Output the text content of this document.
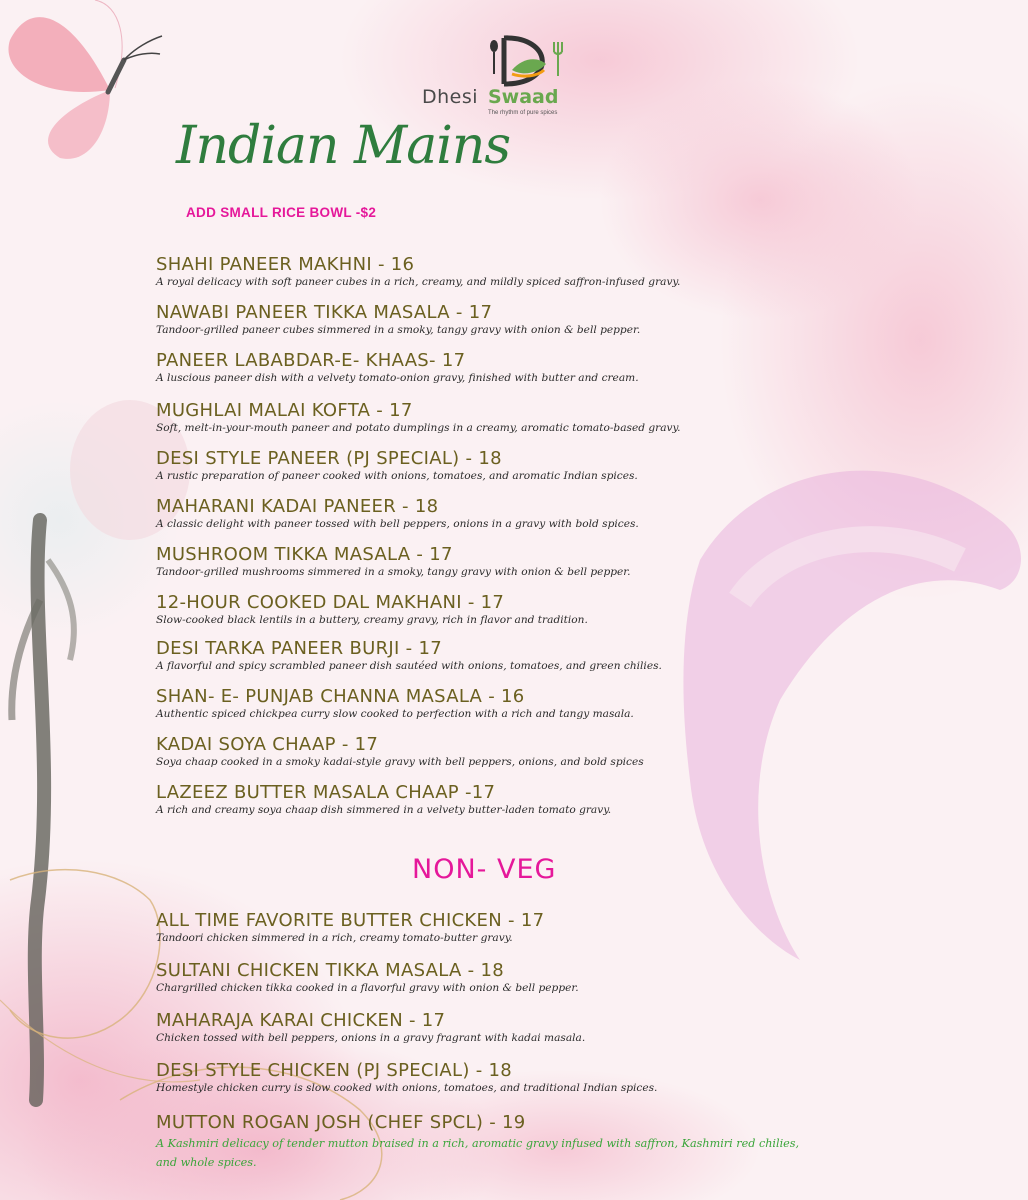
Dhesi Swaad
The rhythm of pure spices
Indian Mains
ADD SMALL RICE BOWL -$2
SHAHI PANEER MAKHNI - 16
A royal delicacy with soft paneer cubes in a rich, creamy, and mildly spiced saffron-infused gravy.
NAWABI PANEER TIKKA MASALA - 17
Tandoor-grilled paneer cubes simmered in a smoky, tangy gravy with onion & bell pepper.
PANEER LABABDAR-E- KHAAS- 17
A luscious paneer dish with a velvety tomato-onion gravy, finished with butter and cream.
MUGHLAI MALAI KOFTA - 17
Soft, melt-in-your-mouth paneer and potato dumplings in a creamy, aromatic tomato-based gravy.
DESI STYLE PANEER (PJ SPECIAL) - 18
A rustic preparation of paneer cooked with onions, tomatoes, and aromatic Indian spices.
MAHARANI KADAI PANEER - 18
A classic delight with paneer tossed with bell peppers, onions in a gravy with bold spices.
MUSHROOM TIKKA MASALA - 17
Tandoor-grilled mushrooms simmered in a smoky, tangy gravy with onion & bell pepper.
12-HOUR COOKED DAL MAKHANI - 17
Slow-cooked black lentils in a buttery, creamy gravy, rich in flavor and tradition.
DESI TARKA PANEER BURJI - 17
A flavorful and spicy scrambled paneer dish sautéed with onions, tomatoes, and green chilies.
SHAN- E- PUNJAB CHANNA MASALA - 16
Authentic spiced chickpea curry slow cooked to perfection with a rich and tangy masala.
KADAI SOYA CHAAP - 17
Soya chaap cooked in a smoky kadai-style gravy with bell peppers, onions, and bold spices
LAZEEZ BUTTER MASALA CHAAP -17
A rich and creamy soya chaap dish simmered in a velvety butter-laden tomato gravy.
NON- VEG
ALL TIME FAVORITE BUTTER CHICKEN - 17
Tandoori chicken simmered in a rich, creamy tomato-butter gravy.
SULTANI CHICKEN TIKKA MASALA - 18
Chargrilled chicken tikka cooked in a flavorful gravy with onion & bell pepper.
MAHARAJA KARAI CHICKEN - 17
Chicken tossed with bell peppers, onions in a gravy fragrant with kadai masala.
DESI STYLE CHICKEN (PJ SPECIAL) - 18
Homestyle chicken curry is slow cooked with onions, tomatoes, and traditional Indian spices.
MUTTON ROGAN JOSH (CHEF SPCL) - 19
A Kashmiri delicacy of tender mutton braised in a rich, aromatic gravy infused with saffron, Kashmiri red chilies, and whole spices.
